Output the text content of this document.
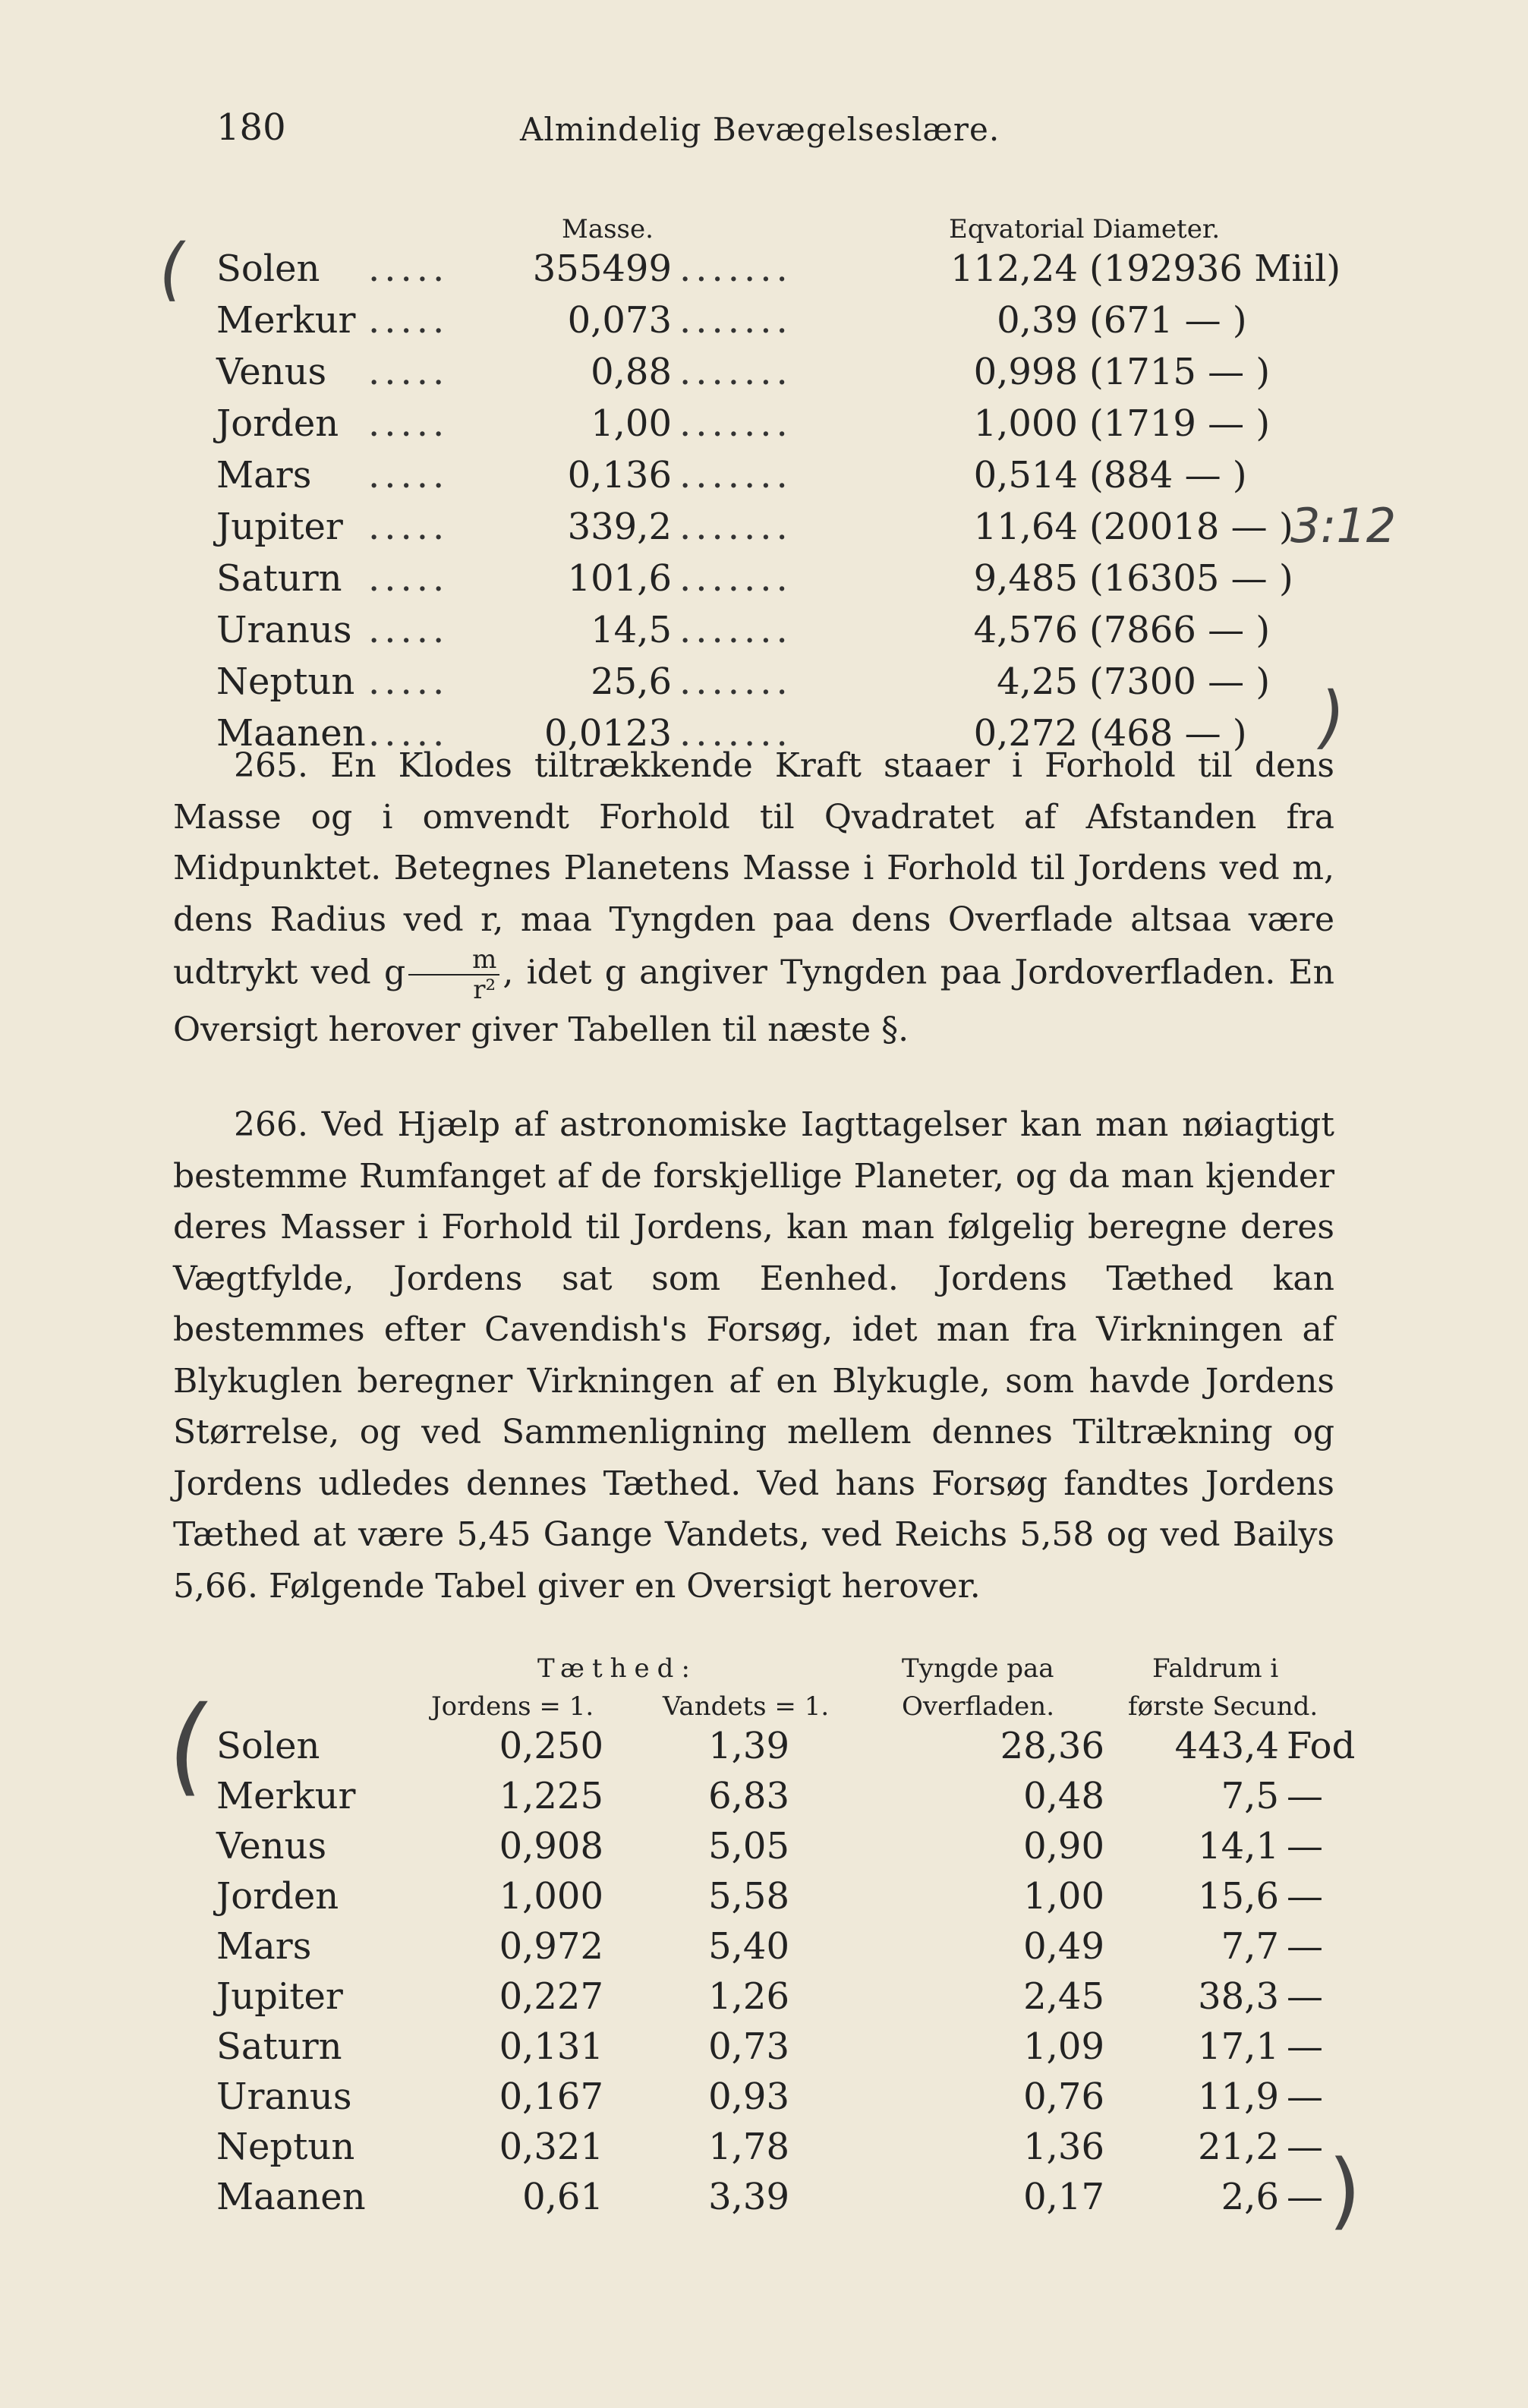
180	Almindelig Bevægelseslære.
Masse.	Eqvatorial Diameter.
Solen .....	355499 .......	112,24 (192936 Miil)
Merkur .....	0,073 .......	0,39 (671 — )
Venus .....	0,88 .......	0,998 (1715 — )
Jorden .....	1,00 .......	1,000 (1719 — )
Mars .....	0,136 .......	0,514 (884 — )
Jupiter .....	339,2 .......	11,64 (20018 — )
Saturn .....	101,6 .......	9,485 (16305 — )
Uranus .....	14,5 .......	4,576 (7866 — )
Neptun .....	25,6 .......	4,25 (7300 — )
Maanen .....	0,0123 .......	0,272 (468 — )
(
)
3:12

265. En Klodes tiltrækkende Kraft staaer i Forhold til dens Masse og i omvendt Forhold til Qvadratet af Afstanden fra Midpunktet. Betegnes Planetens Masse i Forhold til Jordens ved m, dens Radius ved r, maa Tyngden paa dens Overflade altsaa være udtrykt ved g $\frac{m}{\text{r²}}$ , idet g angiver Tyngden paa Jordoverfladen. En Oversigt herover giver Tabellen til næste §.

266. Ved Hjælp af astronomiske Iagttagelser kan man nøiagtigt bestemme Rumfanget af de forskjellige Planeter, og da man kjender deres Masser i Forhold til Jordens, kan man følgelig beregne deres Vægtfylde, Jordens sat som Eenhed. Jordens Tæthed kan bestemmes efter Cavendish's Forsøg, idet man fra Virkningen af Blykuglen beregner Virkningen af en Blykugle, som havde Jordens Størrelse, og ved Sammenligning mellem dennes Tiltrækning og Jordens udledes dennes Tæthed. Ved hans Forsøg fandtes Jordens Tæthed at være 5,45 Gange Vandets, ved Reichs 5,58 og ved Bailys 5,66. Følgende Tabel giver en Oversigt herover.

Tæthed:
Jordens = 1.	Vandets = 1.
Tyngde paa
Overfladen.
Faldrum i
første Secund.
Solen	0,250	1,39	28,36	443,4 Fod
Merkur	1,225	6,83	0,48	7,5 —
Venus	0,908	5,05	0,90	14,1 —
Jorden	1,000	5,58	1,00	15,6 —
Mars	0,972	5,40	0,49	7,7 —
Jupiter	0,227	1,26	2,45	38,3 —
Saturn	0,131	0,73	1,09	17,1 —
Uranus	0,167	0,93	0,76	11,9 —
Neptun	0,321	1,78	1,36	21,2 —
Maanen	0,61	3,39	0,17	2,6 —
(
)
